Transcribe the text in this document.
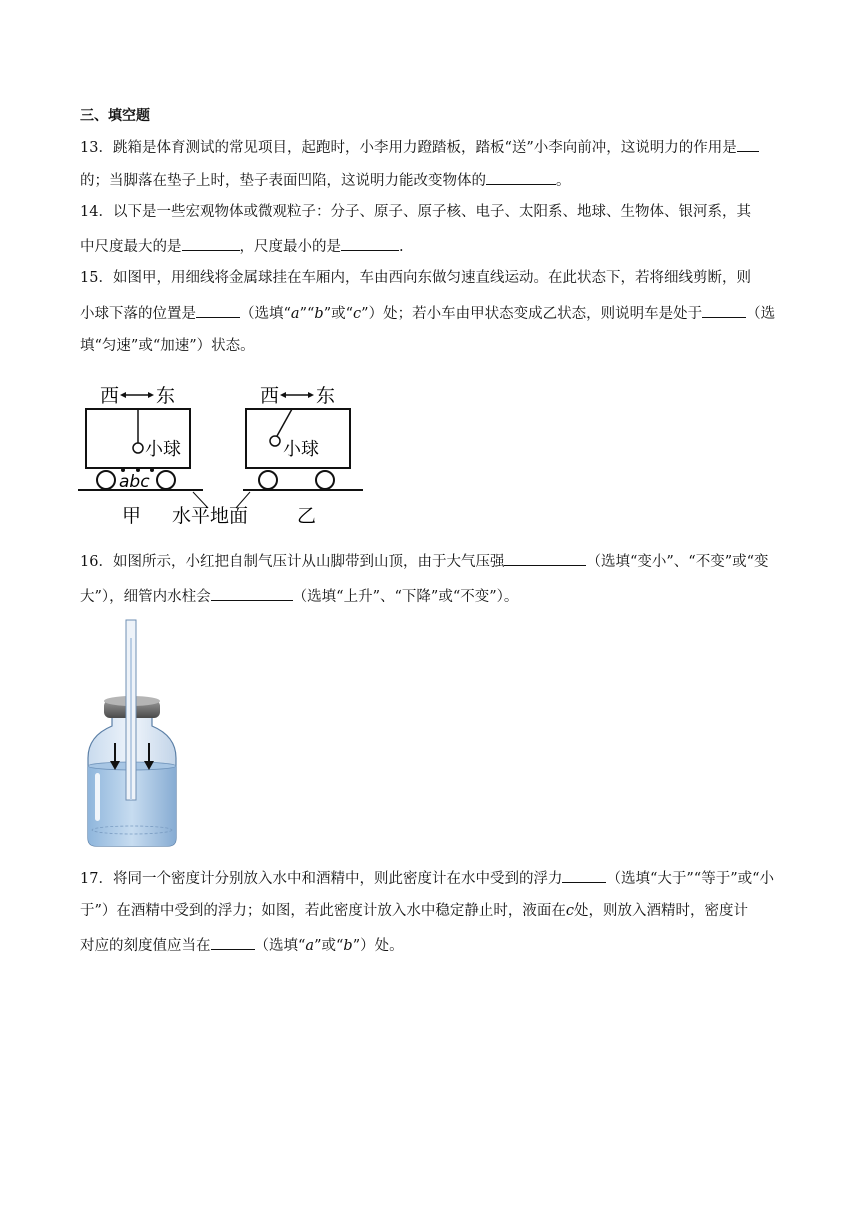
三、填空题
13．跳箱是体育测试的常见项目，起跑时，小李用力蹬踏板，踏板“送”小李向前冲，这说明力的作用是
的；当脚落在垫子上时，垫子表面凹陷，这说明力能改变物体的	。
14．以下是一些宏观物体或微观粒子：分子、原子、原子核、电子、太阳系、地球、生物体、银河系，其
中尺度最大的是	，尺度最小的是	.
15．如图甲，用细线将金属球挂在车厢内，车由西向东做匀速直线运动。在此状态下，若将细线剪断，则
小球下落的位置是	（选填“a”“b”或“c”）处；若小车由甲状态变成乙状态，则说明车是处于	（选
填“匀速”或“加速”）状态。
西 东
小球
abc
西 东
小球
甲 水平地面	乙
16．如图所示，小红把自制气压计从山脚带到山顶，由于大气压强	（选填“变小”、“不变”或“变
大”），细管内水柱会	（选填“上升”、“下降”或“不变”）。
17．将同一个密度计分别放入水中和酒精中，则此密度计在水中受到的浮力	（选填“大于”“等于”或“小
于”）在酒精中受到的浮力；如图，若此密度计放入水中稳定静止时，液面在c处，则放入酒精时，密度计
对应的刻度值应当在	（选填“a”或“b”）处。
